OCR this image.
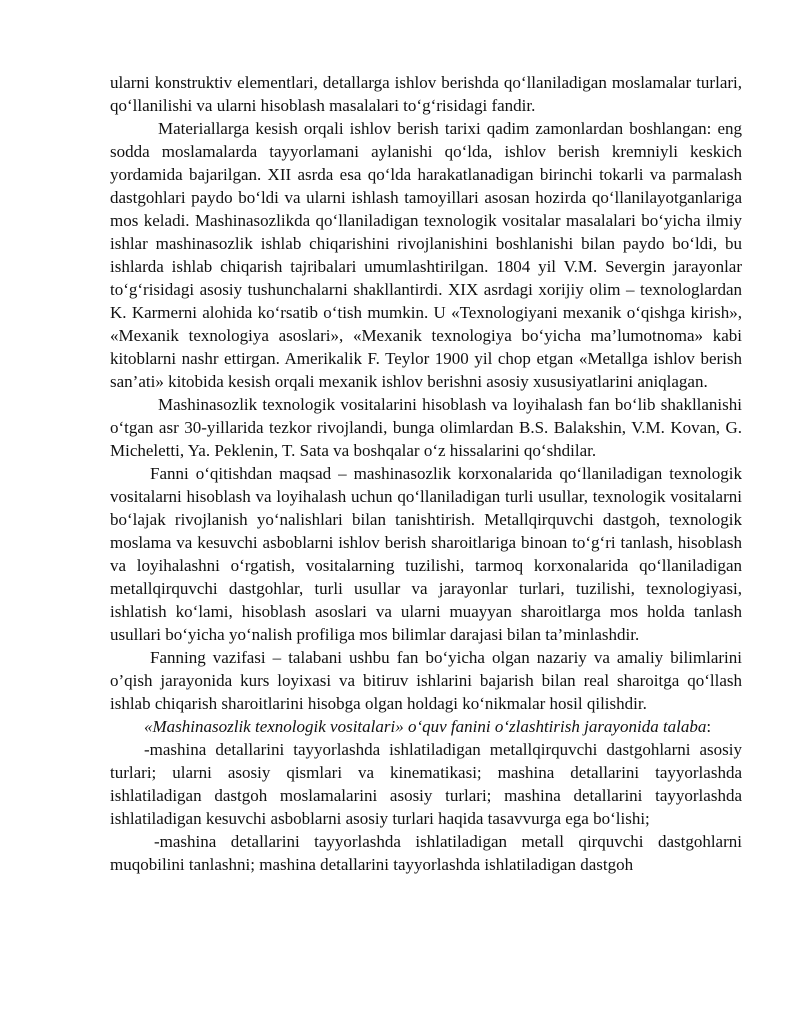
ularni konstruktiv elementlari, detallarga ishlov berishda qo‘llaniladigan moslamalar turlari, qo‘llanilishi va ularni hisoblash masalalari to‘g‘risidagi fandir.

Materiallarga kesish orqali ishlov berish tarixi qadim zamonlardan boshlangan: eng sodda moslamalarda tayyorlamani aylanishi qo‘lda, ishlov berish kremniyli keskich yordamida bajarilgan. XII asrda esa qo‘lda harakatlanadigan birinchi tokarli va parmalash dastgohlari paydo bo‘ldi va ularni ishlash tamoyillari asosan hozirda qo‘llanilayotganlariga mos keladi. Mashinasozlikda qo‘llaniladigan texnologik vositalar masalalari bo‘yicha ilmiy ishlar mashinasozlik ishlab chiqarishini rivojlanishini boshlanishi bilan paydo bo‘ldi, bu ishlarda ishlab chiqarish tajribalari umumlashtirilgan. 1804 yil V.M. Severgin jarayonlar to‘g‘risidagi asosiy tushunchalarni shakllantirdi. XIX asrdagi xorijiy olim – texnologlardan K. Karmerni alohida ko‘rsatib o‘tish mumkin. U «Texnologiyani mexanik o‘qishga kirish», «Mexanik texnologiya asoslari», «Mexanik texnologiya bo‘yicha ma’lumotnoma» kabi kitoblarni nashr ettirgan. Amerikalik F. Teylor 1900 yil chop etgan «Metallga ishlov berish san’ati» kitobida kesish orqali mexanik ishlov berishni asosiy xususiyatlarini aniqlagan.

Mashinasozlik texnologik vositalarini hisoblash va loyihalash fan bo‘lib shakllanishi o‘tgan asr 30-yillarida tezkor rivojlandi, bunga olimlardan B.S. Balakshin, V.M. Kovan, G. Micheletti, Ya. Peklenin, T. Sata va boshqalar o‘z hissalarini qo‘shdilar.

Fanni o‘qitishdan maqsad – mashinasozlik korxonalarida qo‘llaniladigan texnologik vositalarni hisoblash va loyihalash uchun qo‘llaniladigan turli usullar, texnologik vositalarni bo‘lajak rivojlanish yo‘nalishlari bilan tanishtirish. Metallqirquvchi dastgoh, texnologik moslama va kesuvchi asboblarni ishlov berish sharoitlariga binoan to‘g‘ri tanlash, hisoblash va loyihalashni o‘rgatish, vositalarning tuzilishi, tarmoq korxonalarida qo‘llaniladigan metallqirquvchi dastgohlar, turli usullar va jarayonlar turlari, tuzilishi, texnologiyasi, ishlatish ko‘lami, hisoblash asoslari va ularni muayyan sharoitlarga mos holda tanlash usullari bo‘yicha yo‘nalish profiliga mos bilimlar darajasi bilan ta’minlashdir.

Fanning vazifasi – talabani ushbu fan bo‘yicha olgan nazariy va amaliy bilimlarini o’qish jarayonida kurs loyixasi va bitiruv ishlarini bajarish bilan real sharoitga qo‘llash ishlab chiqarish sharoitlarini hisobga olgan holdagi ko‘nikmalar hosil qilishdir.

«Mashinasozlik texnologik vositalari» o‘quv fanini o‘zlashtirish jarayonida talaba:

-mashina detallarini tayyorlashda ishlatiladigan metallqirquvchi dastgohlarni asosiy turlari; ularni asosiy qismlari va kinematikasi; mashina detallarini tayyorlashda ishlatiladigan dastgoh moslamalarini asosiy turlari; mashina detallarini tayyorlashda ishlatiladigan kesuvchi asboblarni asosiy turlari haqida tasavvurga ega bo‘lishi;

-mashina detallarini tayyorlashda ishlatiladigan metall qirquvchi dastgohlarni muqobilini tanlashni; mashina detallarini tayyorlashda ishlatiladigan dastgoh
